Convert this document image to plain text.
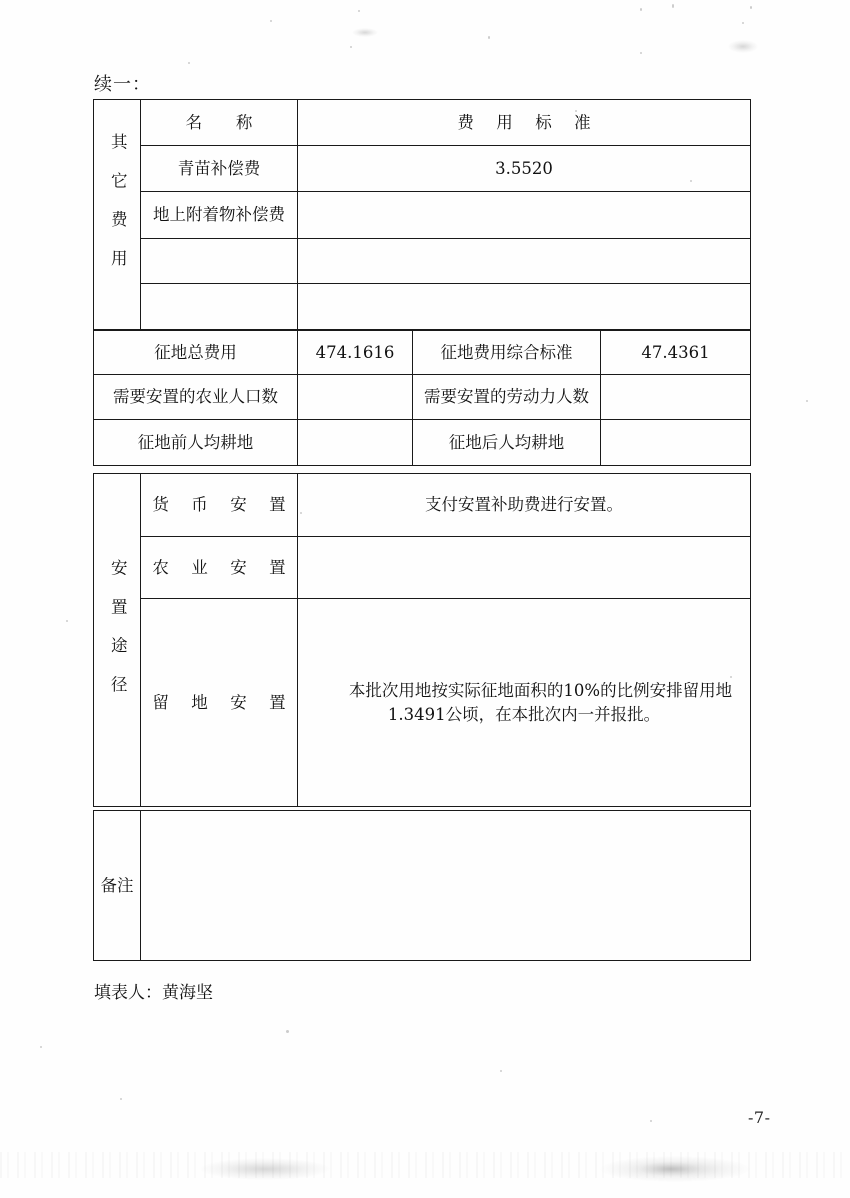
续一：
其它费用	名　称	费 用 标 准
	青苗补偿费	3.5520
	地上附着物补偿费	

征地总费用	474.1616	征地费用综合标准	47.4361
需要安置的农业人口数		需要安置的劳动力人数	
征地前人均耕地		征地后人均耕地	
安置途径	货 币 安 置	支付安置补助费进行安置。
	农 业 安 置	
	留 地 安 置	本批次用地按实际征地面积的10%的比例安排留用地1.3491公顷，在本批次内一并报批。
备注	
填表人：黄海坚
-7-
